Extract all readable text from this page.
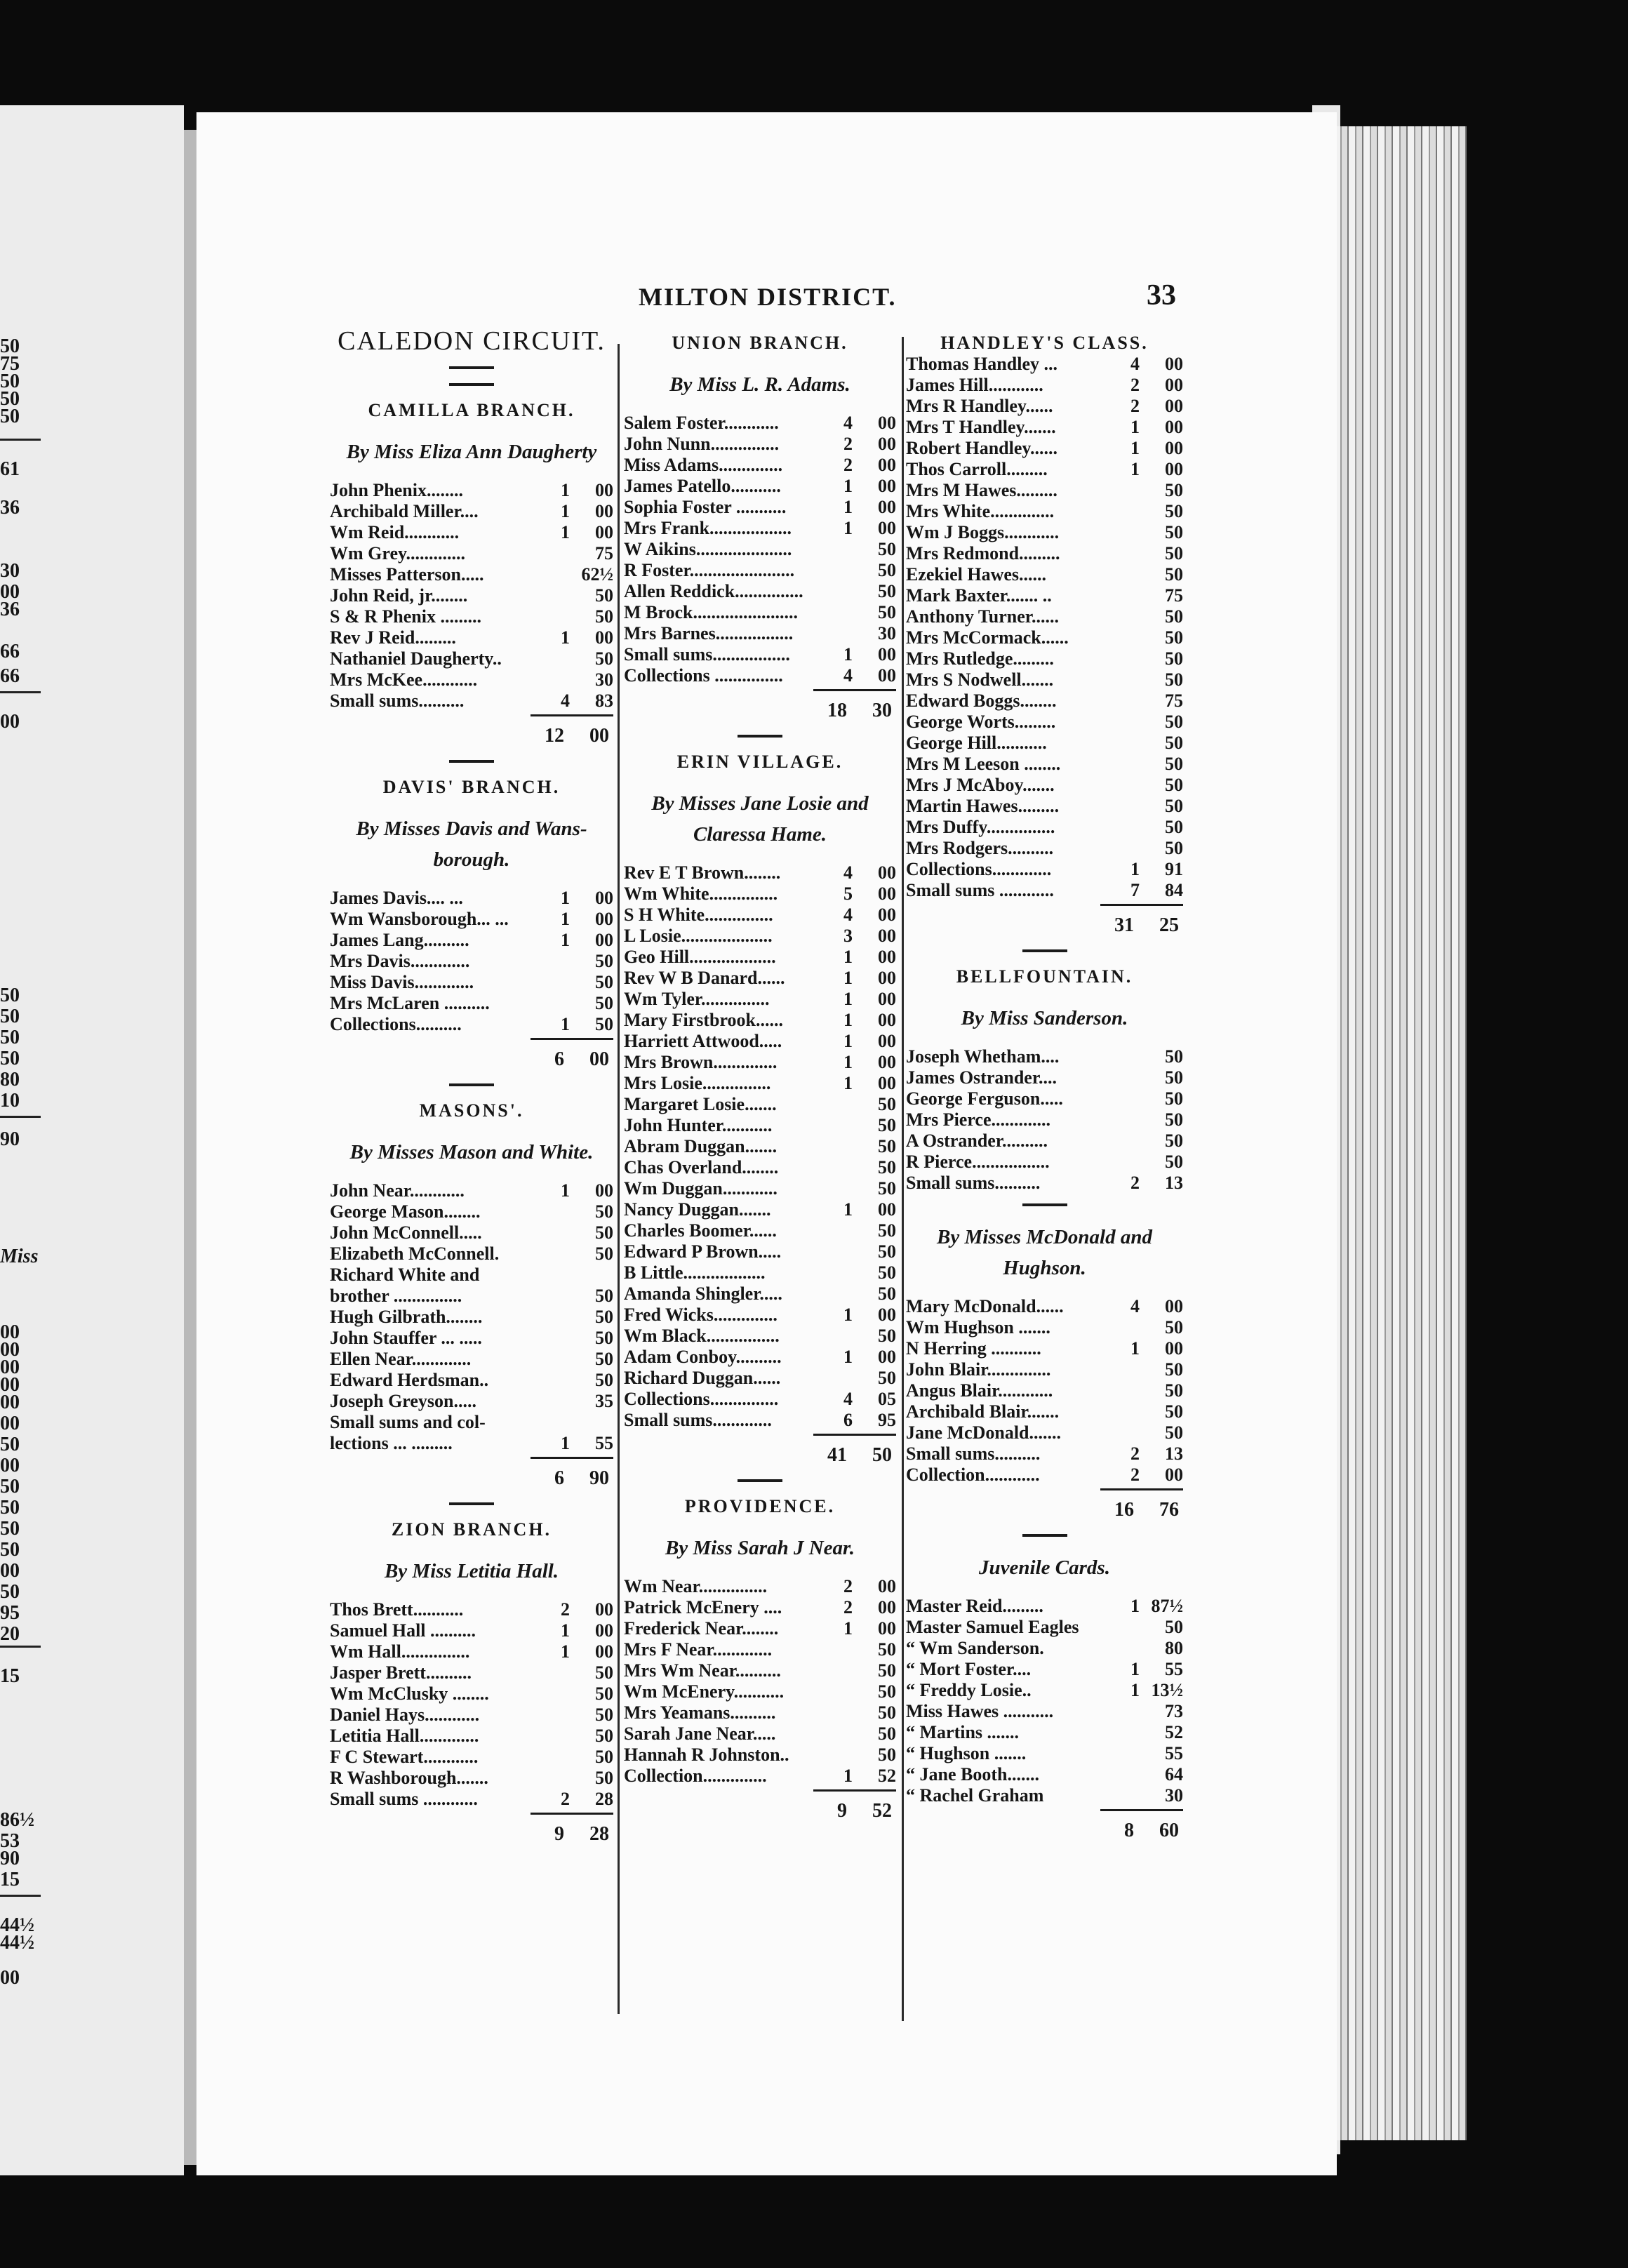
MILTON DISTRICT.	33
CALEDON CIRCUIT.
CAMILLA BRANCH.
By Miss Eliza Ann Daugherty
John Phenix........	1	00
Archibald Miller....	1	00
Wm Reid............	1	00
Wm Grey.............	75
Misses Patterson.....	62½
John Reid, jr........	50
S & R Phenix .........	50
Rev J Reid.........	1	00
Nathaniel Daugherty..	50
Mrs McKee............	30
Small sums..........	4	83
12	00
DAVIS' BRANCH.
By Misses Davis and Wans-borough.
James Davis.... ...	1	00
Wm Wansborough... ...	1	00
James Lang..........	1	00
Mrs Davis.............	50
Miss Davis.............	50
Mrs McLaren ..........	50
Collections..........	1	50
6	00
MASONS'.
By Misses Mason and White.
John Near............	1	00
George Mason........	50
John McConnell.....	50
Elizabeth McConnell.	50
Richard White and
brother ...............	50
Hugh Gilbrath........	50
John Stauffer ... .....	50
Ellen Near.............	50
Edward Herdsman..	50
Joseph Greyson.....	35
Small sums and col-
lections ... .........	1	55
6	90
ZION BRANCH.
By Miss Letitia Hall.
Thos Brett...........	2	00
Samuel Hall ..........	1	00
Wm Hall...............	1	00
Jasper Brett..........	50
Wm McClusky ........	50
Daniel Hays............	50
Letitia Hall.............	50
F C Stewart............	50
R Washborough.......	50
Small sums ............	2	28
9	28
UNION BRANCH.
By Miss L. R. Adams.
Salem Foster............	4	00
John Nunn...............	2	00
Miss Adams..............	2	00
James Patello...........	1	00
Sophia Foster ...........	1	00
Mrs Frank..................	1	00
W Aikins.....................	50
R Foster.......................	50
Allen Reddick...............	50
M Brock.......................	50
Mrs Barnes.................	30
Small sums.................	1	00
Collections ...............	4	00
18	30
ERIN VILLAGE.
By Misses Jane Losie and Claressa Hame.
Rev E T Brown........	4	00
Wm White...............	5	00
S H White...............	4	00
L Losie....................	3	00
Geo Hill...................	1	00
Rev W B Danard......	1	00
Wm Tyler...............	1	00
Mary Firstbrook......	1	00
Harriett Attwood.....	1	00
Mrs Brown..............	1	00
Mrs Losie...............	1	00
Margaret Losie.......	50
John Hunter...........	50
Abram Duggan.......	50
Chas Overland........	50
Wm Duggan............	50
Nancy Duggan.......	1	00
Charles Boomer......	50
Edward P Brown.....	50
B Little..................	50
Amanda Shingler.....	50
Fred Wicks..............	1	00
Wm Black................	50
Adam Conboy..........	1	00
Richard Duggan......	50
Collections...............	4	05
Small sums.............	6	95
41	50
PROVIDENCE.
By Miss Sarah J Near.
Wm Near...............	2	00
Patrick McEnery ....	2	00
Frederick Near........	1	00
Mrs F Near.............	50
Mrs Wm Near..........	50
Wm McEnery...........	50
Mrs Yeamans..........	50
Sarah Jane Near.....	50
Hannah R Johnston..	50
Collection..............	1	52
9	52
HANDLEY'S CLASS.
Thomas Handley ...	4	00
James Hill............	2	00
Mrs R Handley......	2	00
Mrs T Handley.......	1	00
Robert Handley......	1	00
Thos Carroll.........	1	00
Mrs M Hawes.........	50
Mrs White..............	50
Wm J Boggs............	50
Mrs Redmond.........	50
Ezekiel Hawes......	50
Mark Baxter....... ..	75
Anthony Turner......	50
Mrs McCormack......	50
Mrs Rutledge.........	50
Mrs S Nodwell.......	50
Edward Boggs........	75
George Worts.........	50
George Hill...........	50
Mrs M Leeson ........	50
Mrs J McAboy.......	50
Martin Hawes.........	50
Mrs Duffy...............	50
Mrs Rodgers..........	50
Collections.............	1	91
Small sums ............	7	84
31	25
BELLFOUNTAIN.
By Miss Sanderson.
Joseph Whetham....	50
James Ostrander....	50
George Ferguson.....	50
Mrs Pierce.............	50
A Ostrander..........	50
R Pierce.................	50
Small sums..........	2	13
By Misses McDonald and Hughson.
Mary McDonald......	4	00
Wm Hughson .......	50
N Herring ...........	1	00
John Blair..............	50
Angus Blair............	50
Archibald Blair.......	50
Jane McDonald.......	50
Small sums..........	2	13
Collection............	2	00
16	76
Juvenile Cards.
Master Reid.........	1 87½
Master Samuel Eagles	50
“ Wm Sanderson.	80
“ Mort Foster....	1	55
“ Freddy Losie..	1 13½
Miss Hawes ...........	73
“ Martins .......	52
“ Hughson .......	55
“ Jane Booth.......	64
“ Rachel Graham	30
8	60
50
75
50
50
50
61
36
30
00
36
66
66
00
50
50
50
50
80
10
90
00
00
00
00
00
00
50
00
50
50
50
50
00
50
95
20
15
86½
53
90
15
44½
44½
00
Miss
